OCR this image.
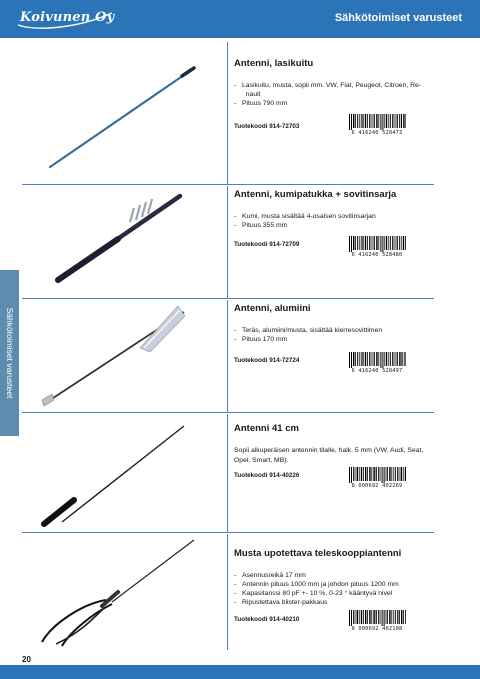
Koivunen Oy	Sähkötoimiset varusteet
Sähkötoimiset varusteet

Antenni, lasikuitu

- Lasikuitu, musta, sopii mm. VW, Fiat, Peugeot, Citroen, Re-  nault
- Pituus 790 mm
Tuotekoodi 914-72703
6 416240 528473

Antenni, kumipatukka + sovitinsarja

- Kumi, musta sisältää 4-osaisen sovitinsarjan
- Pituus 355 mm
Tuotekoodi 914-72709
6 416240 528480

Antenni, alumiini

- Teräs, alumiini/musta, sisältää kierresovittimen
- Pituus 170 mm
Tuotekoodi 914-72724
6 416240 528497

Antenni 41 cm

Sopii alkuperäisen antennin tilalle, halk. 5 mm (VW, Audi, Seat, Opel, Smart, MB).

Tuotekoodi 914-40226
8 000692 402269

Musta upotettava teleskooppiantenni

- Asennusreikä 17 mm
- Antennin pituus 1000 mm ja johdon pituus 1200 mm
- Kapasitanssi 80 pF +- 10 %, 0-23 ° kääntyvä nivel
- Ripustettava blister-pakkaus
Tuotekoodi 914-40210
8 000692 402108
20
